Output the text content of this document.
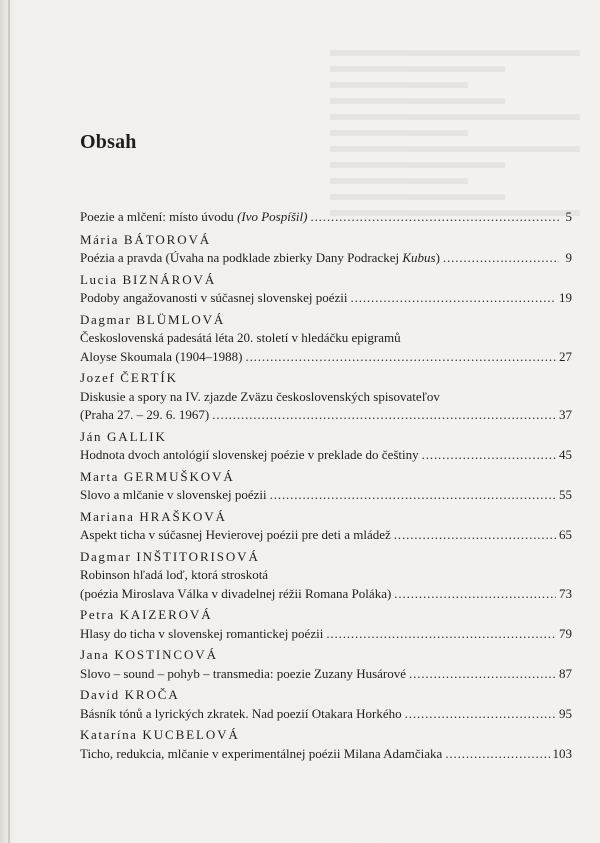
Obsah
Poezie a mlčení: místo úvodu (Ivo Pospíšil) . . .	5
Mária BÁTOROVÁ
Poézia a pravda (Úvaha na podklade zbierky Dany Podrackej Kubus) . . .	9
Lucia BIZNÁROVÁ
Podoby angažovanosti v súčasnej slovenskej poézii . . .	19
Dagmar BLÜMLOVÁ
Československá padesátá léta 20. století v hledáčku epigramů
Aloyse Skoumala (1904–1988) . . .	27
Jozef ČERTÍK
Diskusie a spory na IV. zjazde Zväzu československých spisovateľov
(Praha 27. – 29. 6. 1967) . . .	37
Ján GALLIK
Hodnota dvoch antológií slovenskej poézie v preklade do češtiny . . .	45
Marta GERMUŠKOVÁ
Slovo a mlčanie v slovenskej poézii . . .	55
Mariana HRAŠKOVÁ
Aspekt ticha v súčasnej Hevierovej poézii pre deti a mládež . . .	65
Dagmar INŠTITORISOVÁ
Robinson hľadá loď, ktorá stroskotá
(poézia Miroslava Válka v divadelnej réžii Romana Poláka) . . .	73
Petra KAIZEROVÁ
Hlasy do ticha v slovenskej romantickej poézii . . .	79
Jana KOSTINCOVÁ
Slovo – sound – pohyb – transmedia: poezie Zuzany Husárové . . .	87
David KROČA
Básník tónů a lyrických zkratek. Nad poezií Otakara Horkého . . .	95
Katarína KUCBELOVÁ
Ticho, redukcia, mlčanie v experimentálnej poézii Milana Adamčiaka . . .	103
